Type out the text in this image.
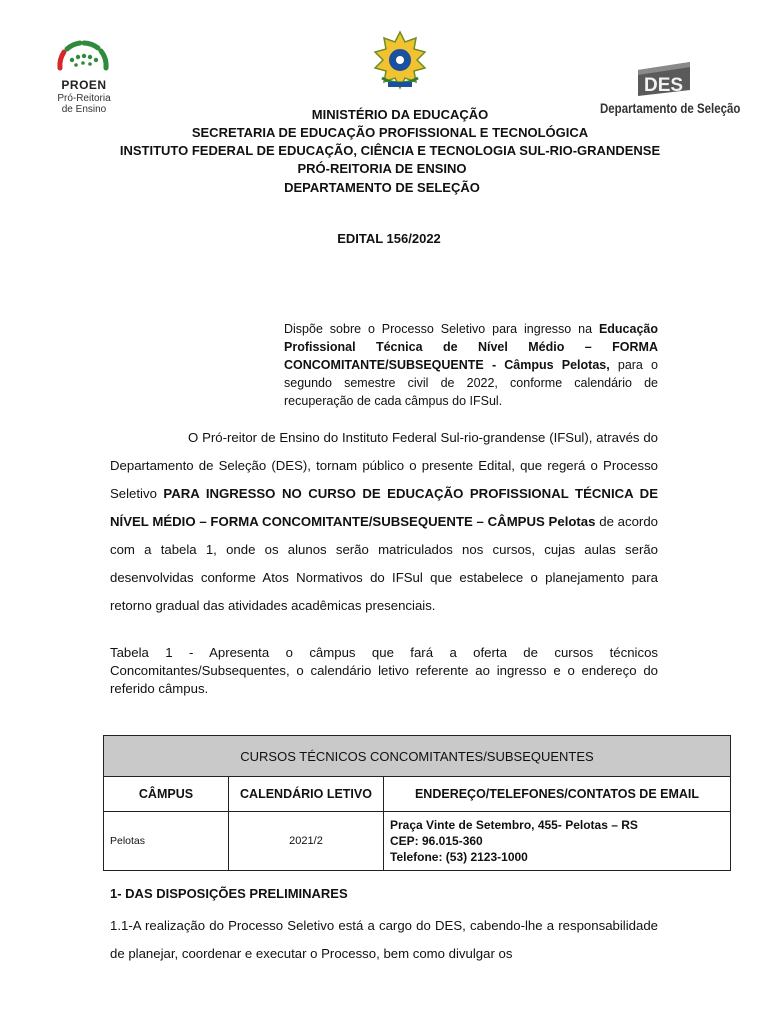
PROEN
Pró-Reitoria
de Ensino
DES
Departamento de Seleção
MINISTÉRIO DA EDUCAÇÃO
SECRETARIA DE EDUCAÇÃO PROFISSIONAL E TECNOLÓGICA
INSTITUTO FEDERAL DE EDUCAÇÃO, CIÊNCIA E TECNOLOGIA SUL-RIO-GRANDENSE
PRÓ-REITORIA DE ENSINO
DEPARTAMENTO DE SELEÇÃO
EDITAL 156/2022
Dispõe sobre o Processo Seletivo para ingresso na Educação Profissional Técnica de Nível Médio – FORMA CONCOMITANTE/SUBSEQUENTE - Câmpus Pelotas, para o segundo semestre civil de 2022, conforme calendário de recuperação de cada câmpus do IFSul.
O Pró-reitor de Ensino do Instituto Federal Sul-rio-grandense (IFSul), através do Departamento de Seleção (DES), tornam público o presente Edital, que regerá o Processo Seletivo PARA INGRESSO NO CURSO DE EDUCAÇÃO PROFISSIONAL TÉCNICA DE NÍVEL MÉDIO – FORMA CONCOMITANTE/SUBSEQUENTE – CÂMPUS Pelotas de acordo com a tabela 1, onde os alunos serão matriculados nos cursos, cujas aulas serão desenvolvidas conforme Atos Normativos do IFSul que estabelece o planejamento para retorno gradual das atividades acadêmicas presenciais.
Tabela 1 - Apresenta o câmpus que fará a oferta de cursos técnicos Concomitantes/Subsequentes, o calendário letivo referente ao ingresso e o endereço do referido câmpus.
CURSOS TÉCNICOS CONCOMITANTES/SUBSEQUENTES		
CÂMPUS	CALENDÁRIO LETIVO	ENDEREÇO/TELEFONES/CONTATOS DE EMAIL
Pelotas	2021/2	Praça Vinte de Setembro, 455- Pelotas – RS
CEP: 96.015-360
Telefone: (53) 2123-1000
1- DAS DISPOSIÇÕES PRELIMINARES
1.1-A realização do Processo Seletivo está a cargo do DES, cabendo-lhe a responsabilidade de planejar, coordenar e executar o Processo, bem como divulgar os
